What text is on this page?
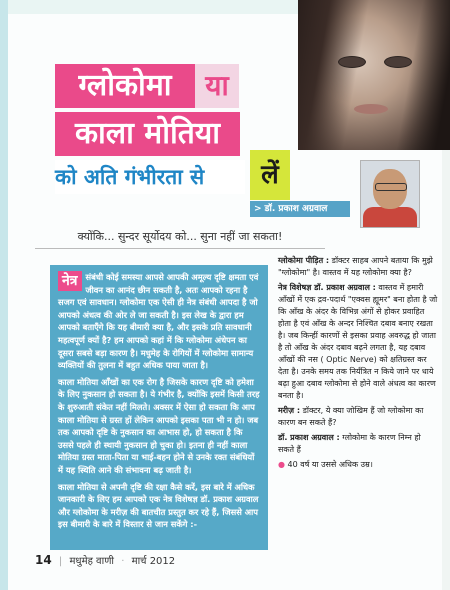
ग्लोकोमा	या
काला मोतिया
को अति गंभीरता से	लें
> डॉ. प्रकाश अग्रवाल
क्योंकि... सुन्दर सूर्योदय को... सुना नहीं जा सकता!

नेत्र संबंधी कोई समस्या आपसे आपकी अमूल्य दृष्टि क्षमता एवं जीवन का आनंद छीन सकती है, अतः आपको रहना है सजग एवं सावधान। ग्लोकोमा एक ऐसी ही नेत्र संबंधी आपदा है जो आपको अंधत्व की ओर ले जा सकती है। इस लेख के द्वारा हम आपको बताएँगे कि यह बीमारी क्या है, और इसके प्रति सावधानी महत्वपूर्ण क्यों है? हम आपको कहां में कि ग्लोकोमा अंधेपन का दूसरा सबसे बड़ा कारण है। मधुमेह के रोगियों में ग्लोकोमा सामान्य व्यक्तियों की तुलना में बहुत अधिक पाया जाता है।

काला मोतिया आँखों का एक रोग है जिसके कारण दृष्टि को हमेशा के लिए नुकसान हो सकता है। ये गंभीर है, क्योंकि इसमें किसी तरह के शुरुआती संकेत नहीं मिलते। अक्सर में ऐसा हो सकता कि आप काला मोतिया से ग्रस्त हों लेकिन आपको इसका पता भी न हो। जब तक आपको दृष्टि के नुकसान का आभास हो, हो सकता है कि उससे पहले ही स्थायी नुकसान हो चुका हो। इतना ही नहीं काला मोतिया ग्रस्त माता-पिता या भाई-बहन होने से उनके रक्त संबंधियों में यह स्थिति आने की संभावना बढ़ जाती है।

काला मोतिया से अपनी दृष्टि की रक्षा कैसे करें, इस बारे में अधिक जानकारी के लिए हम आपको एक नेत्र विशेषज्ञ डॉ. प्रकाश अग्रवाल और ग्लोकोमा के मरीज़ की बातचीत प्रस्तुत कर रहे हैं, जिससे आप इस बीमारी के बारे में विस्तार से जान सकेंगे :-

ग्लोकोमा पीड़ित : डॉक्टर साहब आपने बताया कि मुझे "ग्लोकोमा" है। वास्तव में यह ग्लोकोमा क्या है?

नेत्र विशेषज्ञ डॉ. प्रकाश अग्रवाल : वास्तव में हमारी आँखों में एक द्रव-पदार्थ "एक्वस ह्यूमर" बना होता है जो कि आँख के अंदर के विभिन्न अंगों से होकर प्रवाहित होता है एवं आँख के अन्दर निश्चित दबाव बनाए रखता है। जब किन्हीं कारणों से इसका प्रवाह अवरुद्ध हो जाता है तो आँख के अंदर दबाव बढ़ने लगता है, यह दबाव आँखों की नस ( Optic Nerve) को क्षतिग्रस्त कर देता है। उनके समय तक निर्यंत्रित न किये जाने पर धाये बढ़ा हुआ दबाव ग्लोकोमा से होने वाले अंधत्व का कारण बनता है।

मरीज़ : डॉक्टर, ये क्या जोखिम हैं जो ग्लोकोमा का कारण बन सकते हैं?

डॉ. प्रकाश अग्रवाल : ग्लोकोमा के कारण निम्न हो सकते हैं

● 40 वर्ष या उससे अधिक उम्र।

14 | मधुमेह वाणी · मार्च 2012
